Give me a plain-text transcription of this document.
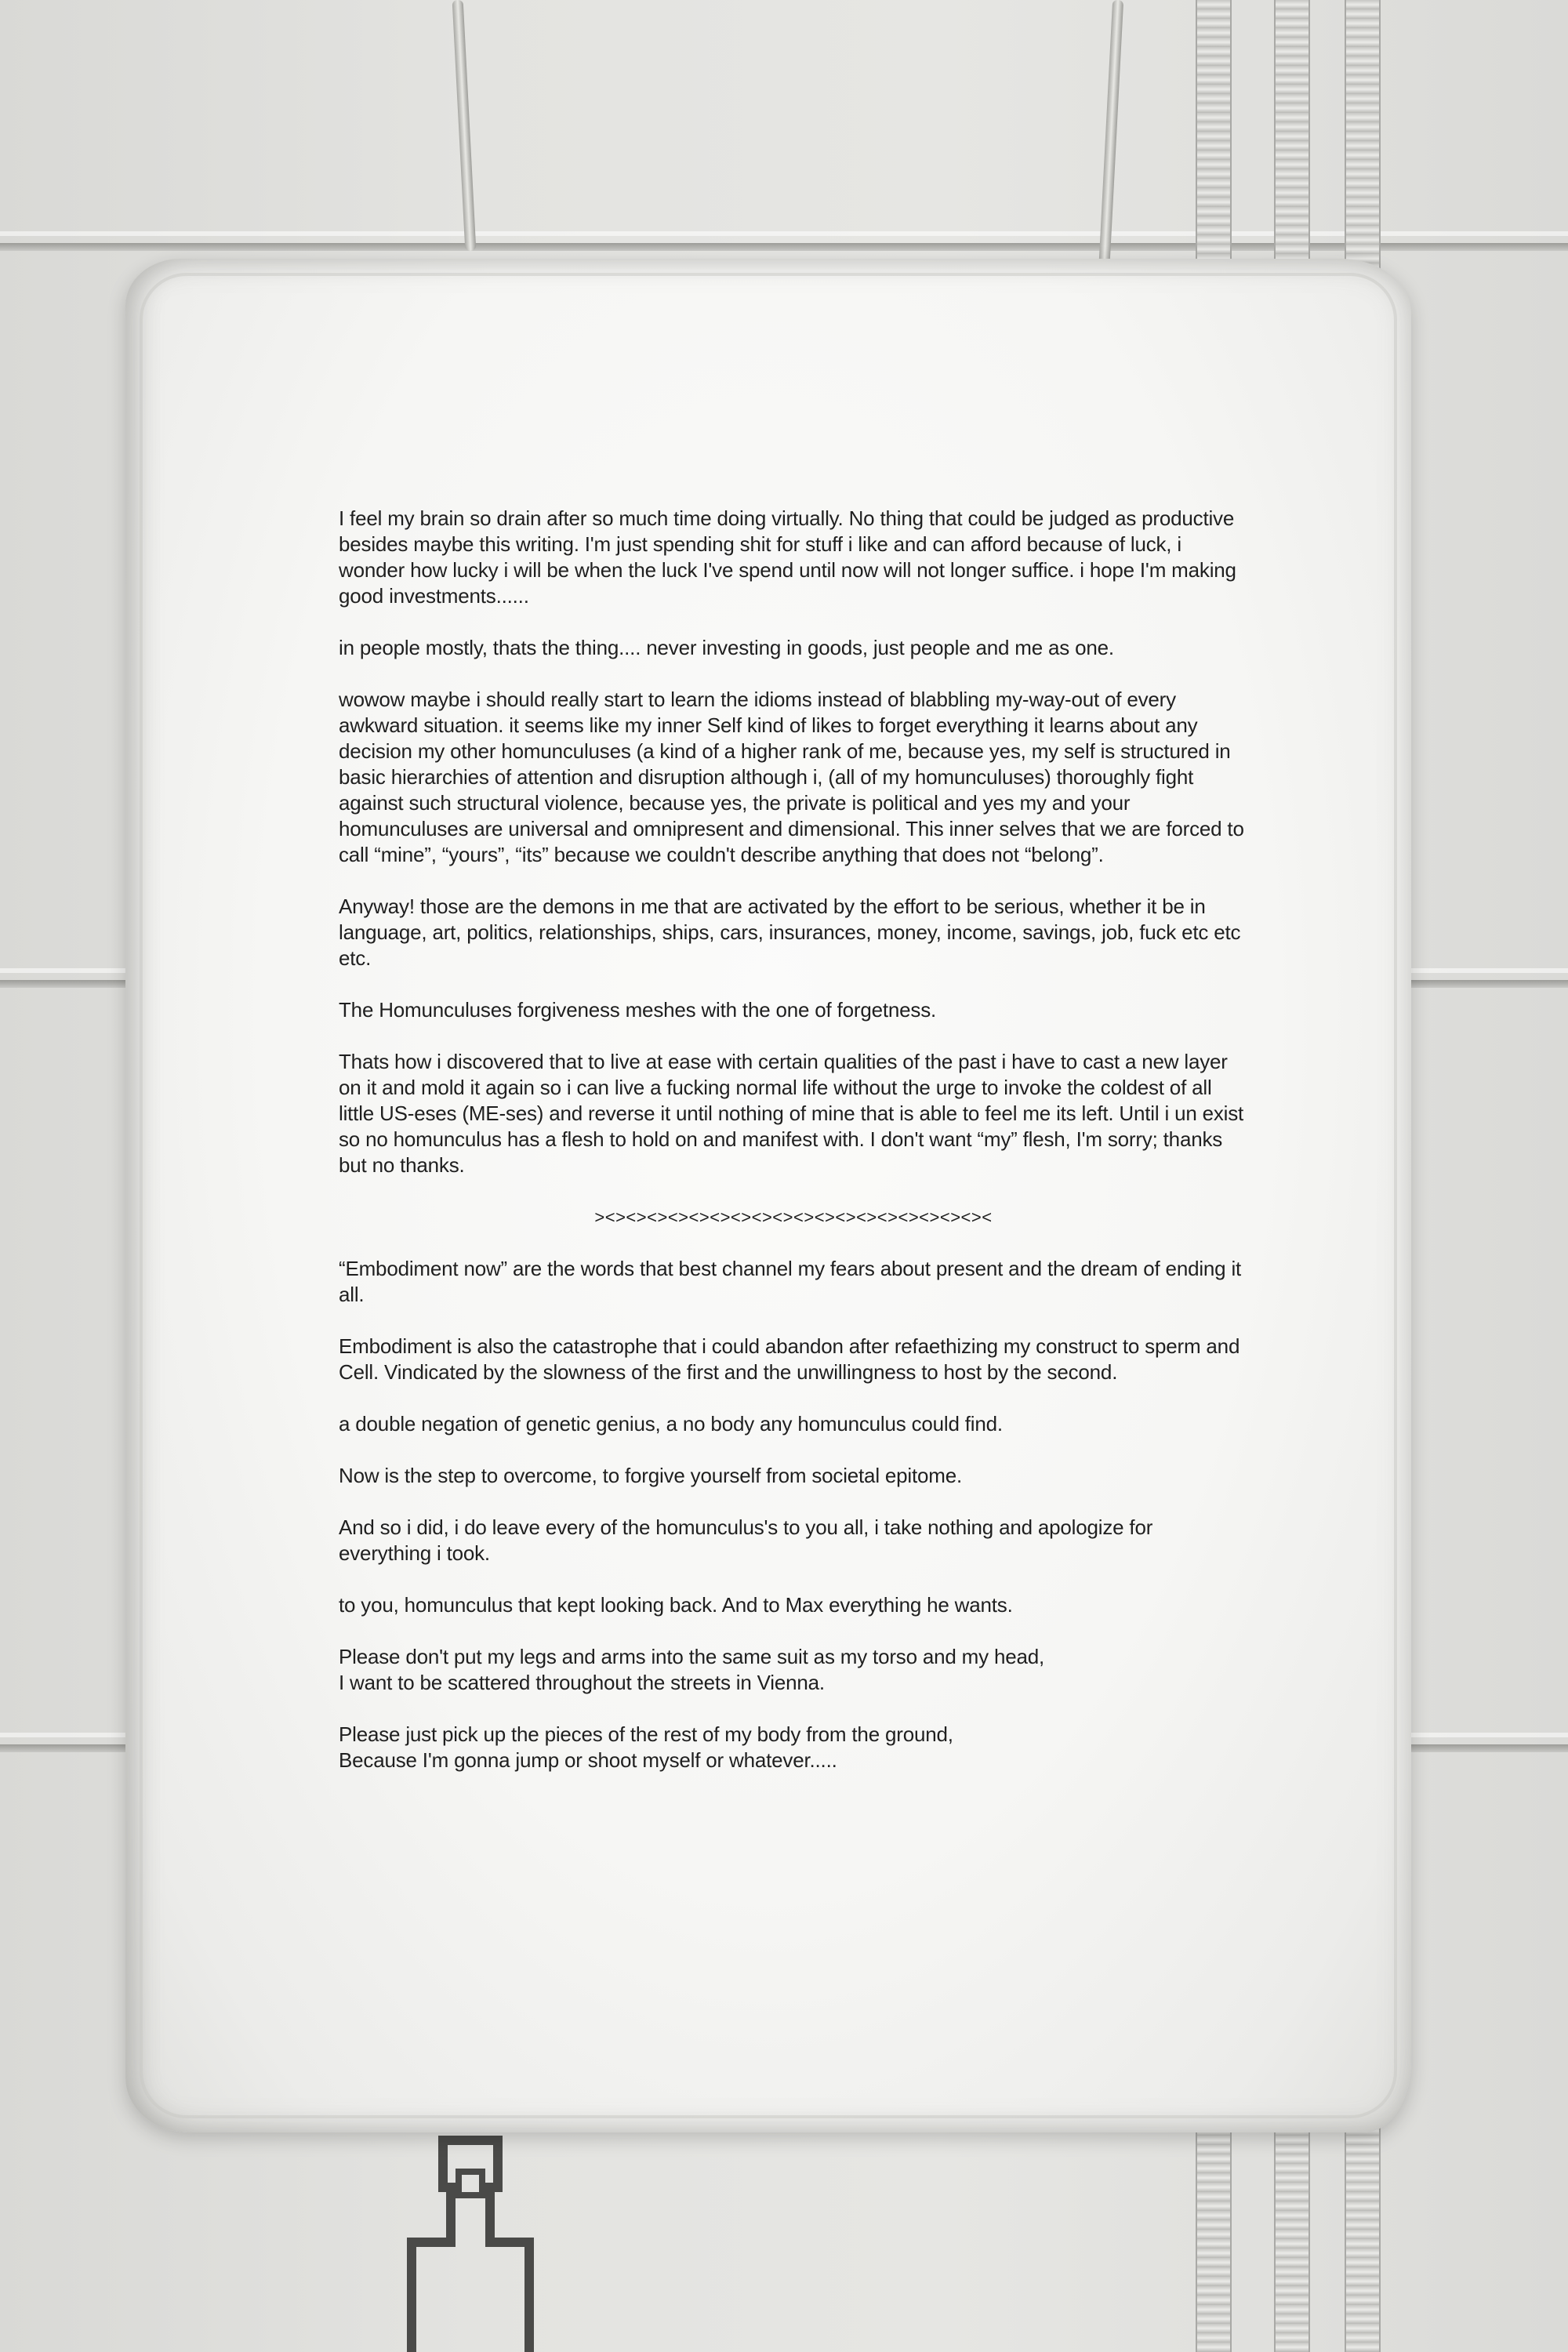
I feel my brain so drain after so much time doing virtually. No thing that could be judged as productive besides maybe this writing. I'm just spending shit for stuff i like and can afford because of luck, i wonder how lucky i will be when the luck I've spend until now will not longer suffice. i hope I'm making good investments......

in people mostly, thats the thing.... never investing in goods, just people and me as one.

wowow maybe i should really start to learn the idioms instead of blabbling my-way-out of every awkward situation. it seems like my inner Self kind of likes to forget everything it learns about any decision my other homunculuses (a kind of a higher rank of me, because yes, my self is structured in basic hierarchies of attention and disruption although i, (all of my homunculuses) thoroughly fight against such structural violence, because yes, the private is political and yes my and your homunculuses are universal and omnipresent and dimensional. This inner selves that we are forced to call “mine”, “yours”, “its” because we couldn't describe anything that does not “belong”.

Anyway! those are the demons in me that are activated by the effort to be serious, whether it be in language, art, politics, relationships, ships, cars, insurances, money, income, savings, job, fuck etc etc etc.

The Homunculuses forgiveness meshes with the one of forgetness.

Thats how i discovered that to live at ease with certain qualities of the past i have to cast a new layer on it and mold it again so i can live a fucking normal life without the urge to invoke the coldest of all little US-eses (ME-ses) and reverse it until nothing of mine that is able to feel me its left. Until i un exist so no homunculus has a flesh to hold on and manifest with. I don't want “my” flesh, I'm sorry; thanks but no thanks.

><><><><><><><><><><><><><><><><><><><

“Embodiment now” are the words that best channel my fears about present and the dream of ending it all.

Embodiment is also the catastrophe that i could abandon after refaethizing my construct to sperm and Cell. Vindicated by the slowness of the first and the unwillingness to host by the second.

a double negation of genetic genius, a no body any homunculus could find.

Now is the step to overcome, to forgive yourself from societal epitome.

And so i did, i do leave every of the homunculus's to you all, i take nothing and apologize for everything i took.

to you, homunculus that kept looking back. And to Max everything he wants.

Please don't put my legs and arms into the same suit as my torso and my head,
I want to be scattered throughout the streets in Vienna.

Please just pick up the pieces of the rest of my body from the ground,
Because I'm gonna jump or shoot myself or whatever.....
